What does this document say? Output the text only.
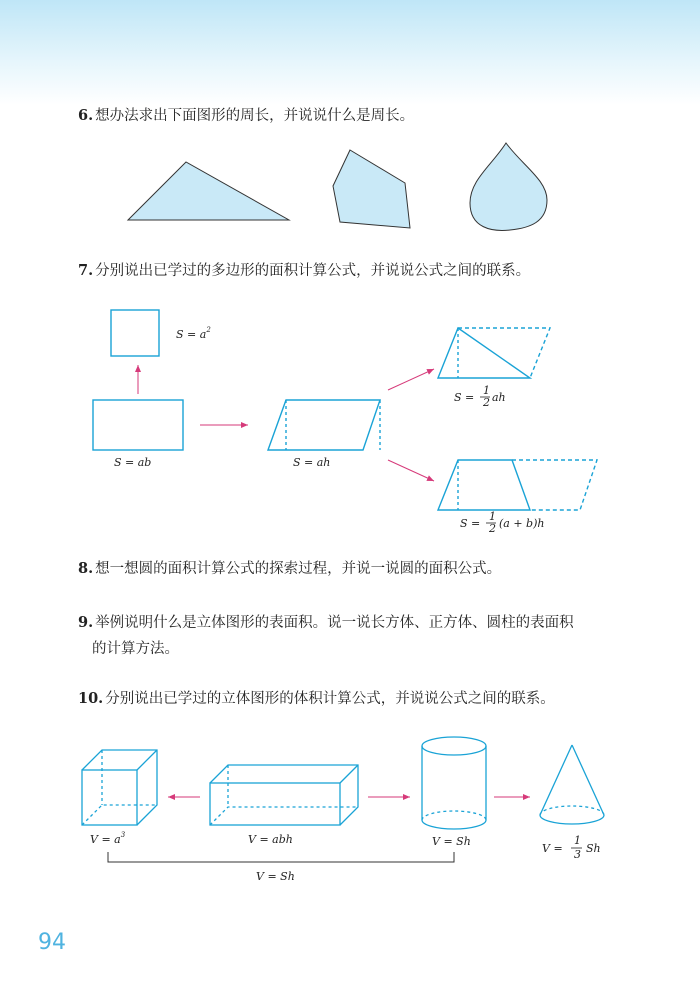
6. 想办法求出下面图形的周长，并说说什么是周长。
7. 分别说出已学过的多边形的面积计算公式，并说说公式之间的联系。
8. 想一想圆的面积计算公式的探索过程，并说一说圆的面积公式。
9. 举例说明什么是立体图形的表面积。说一说长方体、正方体、圆柱的表面积
的计算方法。
10. 分别说出已学过的立体图形的体积计算公式，并说说公式之间的联系。
$S = a^2$
S = ab	S = ah
S =
1
2 ah
S =
1
2 (a + b)h
$V = a^3$	V = abh	V = Sh
V =
1
3 Sh
V = Sh
94
